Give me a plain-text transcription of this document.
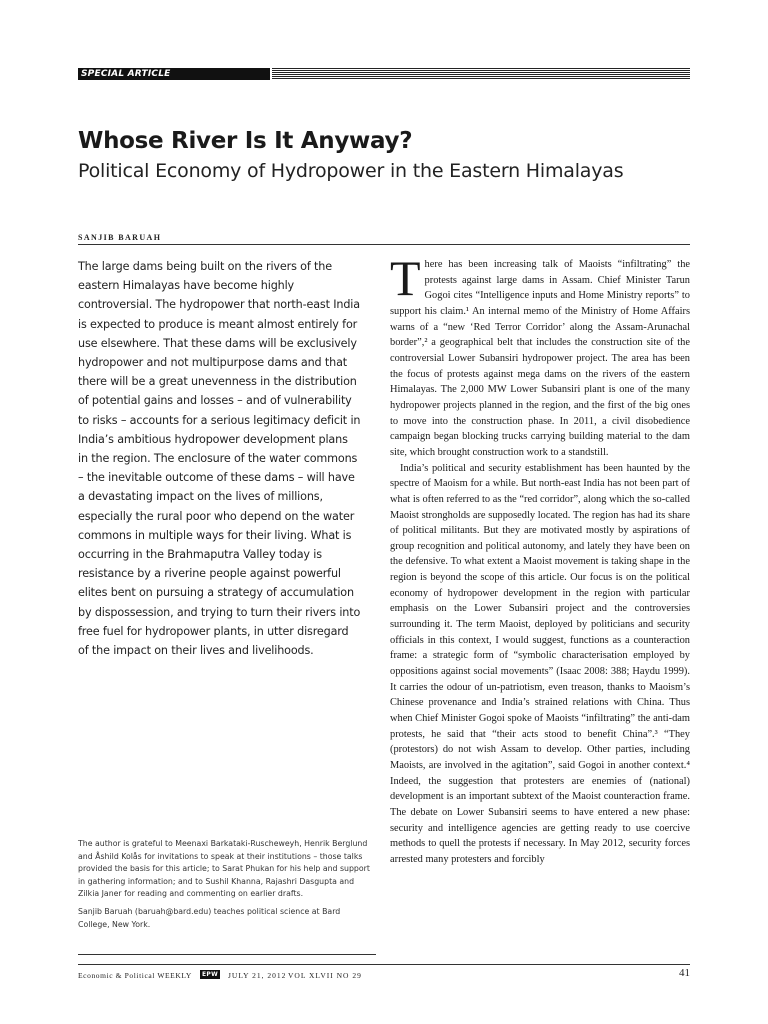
SPECIAL ARTICLE
Whose River Is It Anyway?
Political Economy of Hydropower in the Eastern Himalayas
SANJIB BARUAH

The large dams being built on the rivers of the eastern Himalayas have become highly controversial. The hydropower that north-east India is expected to produce is meant almost entirely for use elsewhere. That these dams will be exclusively hydropower and not multipurpose dams and that there will be a great unevenness in the distribution of potential gains and losses – and of vulnerability to risks – accounts for a serious legitimacy deficit in India’s ambitious hydropower development plans in the region. The enclosure of the water commons – the inevitable outcome of these dams – will have a devastating impact on the lives of millions, especially the rural poor who depend on the water commons in multiple ways for their living. What is occurring in the Brahmaputra Valley today is resistance by a riverine people against powerful elites bent on pursuing a strategy of accumulation by dispossession, and trying to turn their rivers into free fuel for hydropower plants, in utter disregard of the impact on their lives and livelihoods.

The author is grateful to Meenaxi Barkataki-Ruscheweyh, Henrik Berglund and Åshild Kolås for invitations to speak at their institutions – those talks provided the basis for this article; to Sarat Phukan for his help and support in gathering information; and to Sushil Khanna, Rajashri Dasgupta and Zilkia Janer for reading and commenting on earlier drafts.

Sanjib Baruah (baruah@bard.edu) teaches political science at Bard College, New York.

T here has been increasing talk of Maoists “infiltrating” the protests against large dams in Assam. Chief Minister Tarun Gogoi cites “Intelligence inputs and Home Ministry reports” to support his claim.¹ An internal memo of the Ministry of Home Affairs warns of a “new ‘Red Terror Corridor’ along the Assam-Arunachal border”,² a geographical belt that includes the construction site of the controversial Lower Subansiri hydropower project. The area has been the focus of protests against mega dams on the rivers of the eastern Himalayas. The 2,000 MW Lower Subansiri plant is one of the many hydropower projects planned in the region, and the first of the big ones to move into the construction phase. In 2011, a civil disobedience campaign began blocking trucks carrying building material to the dam site, which brought construction work to a standstill.

India’s political and security establishment has been haunted by the spectre of Maoism for a while. But north-east India has not been part of what is often referred to as the “red corridor”, along which the so-called Maoist strongholds are supposedly located. The region has had its share of political militants. But they are motivated mostly by aspirations of group recognition and political autonomy, and lately they have been on the defensive. To what extent a Maoist movement is taking shape in the region is beyond the scope of this article. Our focus is on the political economy of hydropower development in the region with particular emphasis on the Lower Subansiri project and the controversies surrounding it. The term Maoist, deployed by politicians and security officials in this context, I would suggest, functions as a counteraction frame: a strategic form of “symbolic characterisation employed by oppositions against social movements” (Isaac 2008: 388; Haydu 1999). It carries the odour of un-patriotism, even treason, thanks to Maoism’s Chinese provenance and India’s strained relations with China. Thus when Chief Minister Gogoi spoke of Maoists “infiltrating” the anti-dam protests, he said that “their acts stood to benefit China”.³ “They (protestors) do not wish Assam to develop. Other parties, including Maoists, are involved in the agitation”, said Gogoi in another context.⁴ Indeed, the suggestion that protesters are enemies of (national) development is an important subtext of the Maoist counteraction frame. The debate on Lower Subansiri seems to have entered a new phase: security and intelligence agencies are getting ready to use coercive methods to quell the protests if necessary. In May 2012, security forces arrested many protesters and forcibly

Economic & Political WEEKLY	EPW JULY 21, 2012 VOL XLVII NO 29	41
